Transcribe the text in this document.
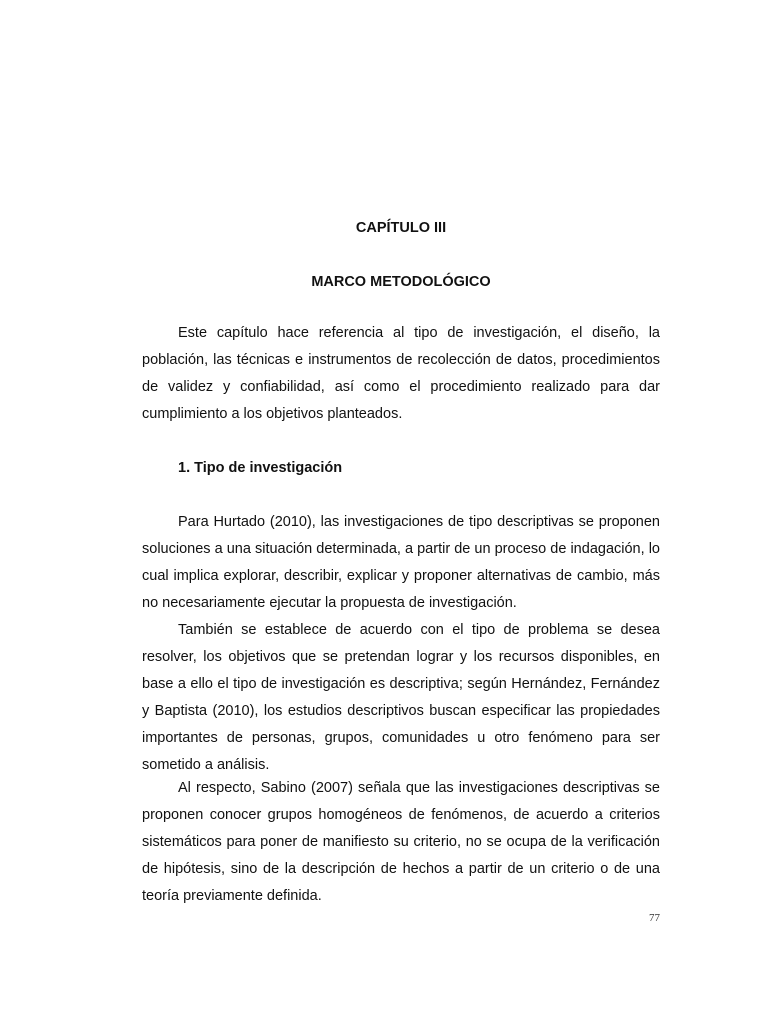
CAPÍTULO III
MARCO METODOLÓGICO

Este capítulo hace referencia al tipo de investigación, el diseño, la población, las técnicas e instrumentos de recolección de datos, procedimientos de validez y confiabilidad, así como el procedimiento realizado para dar cumplimiento a los objetivos planteados.

1. Tipo de investigación

Para Hurtado (2010), las investigaciones de tipo descriptivas se proponen soluciones a una situación determinada, a partir de un proceso de indagación, lo cual implica explorar, describir, explicar y proponer alternativas de cambio, más no necesariamente ejecutar la propuesta de investigación.

También se establece de acuerdo con el tipo de problema se desea resolver, los objetivos que se pretendan lograr y los recursos disponibles, en base a ello el tipo de investigación es descriptiva; según Hernández, Fernández y Baptista (2010), los estudios descriptivos buscan especificar las propiedades importantes de personas, grupos, comunidades u otro fenómeno para ser sometido a análisis.

Al respecto, Sabino (2007) señala que las investigaciones descriptivas se proponen conocer grupos homogéneos de fenómenos, de acuerdo a criterios sistemáticos para poner de manifiesto su criterio, no se ocupa de la verificación de hipótesis, sino de la descripción de hechos a partir de un criterio o de una teoría previamente definida.

77
